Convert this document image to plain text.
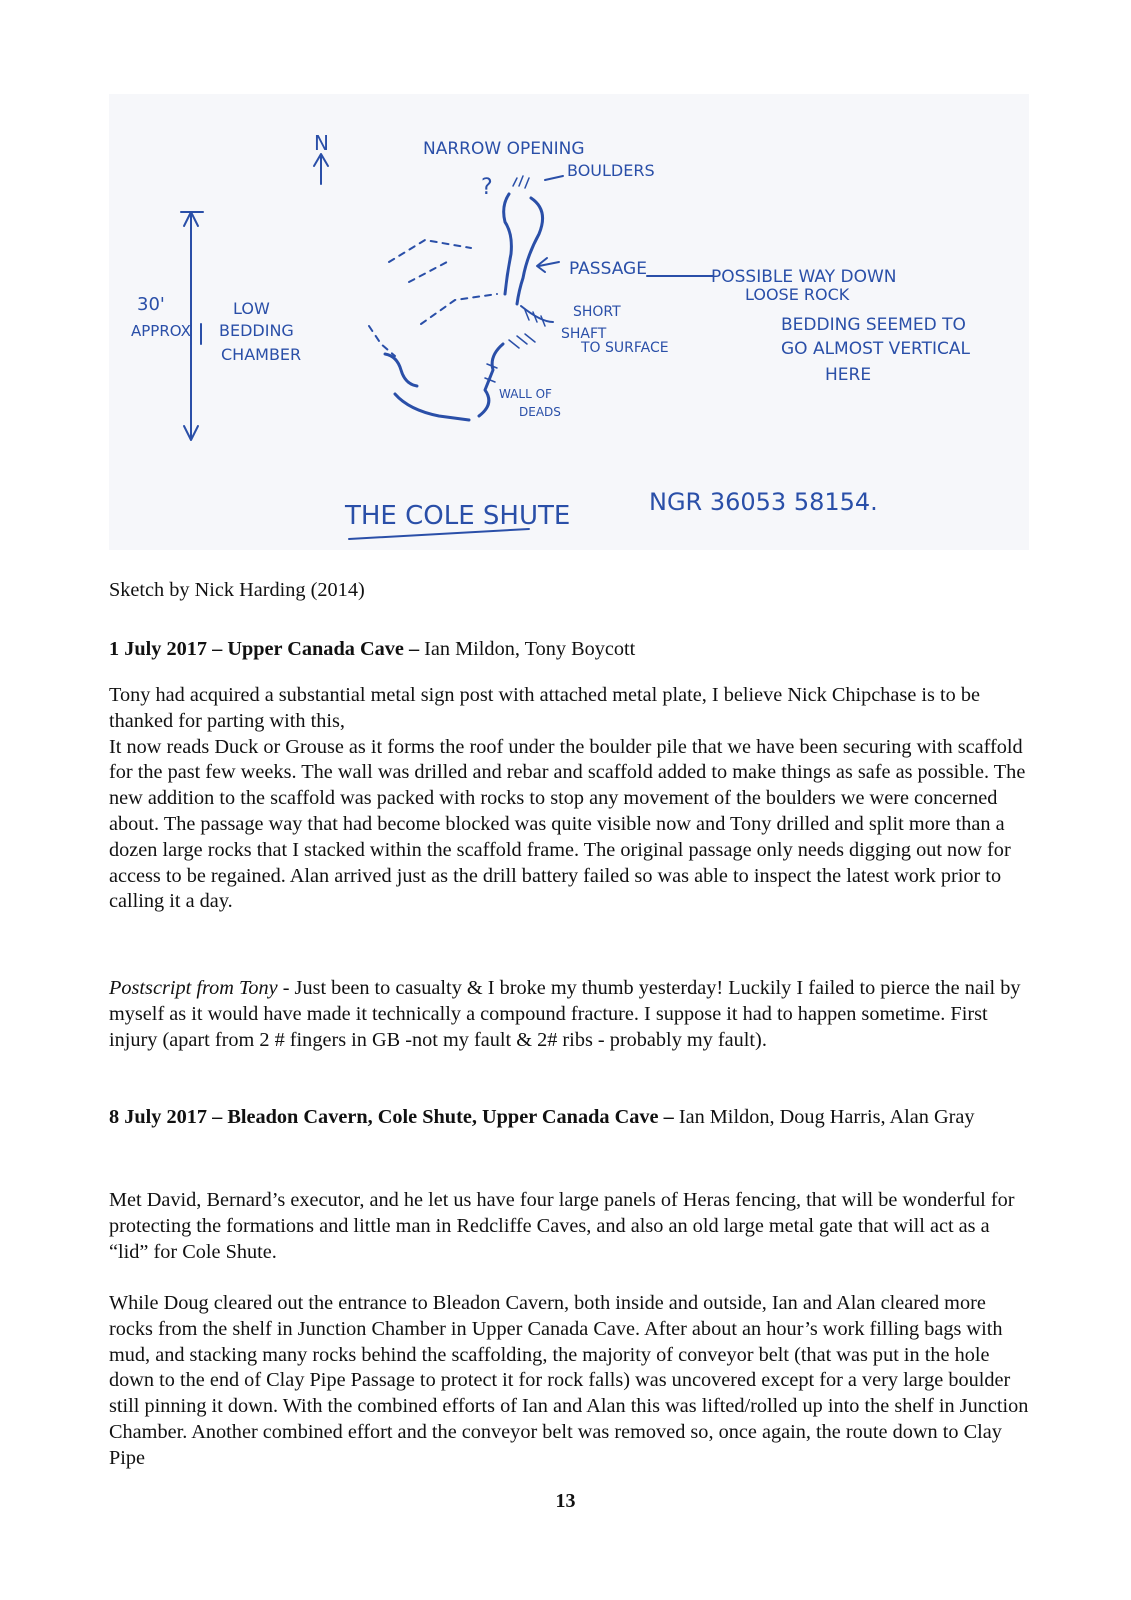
N	NARROW OPENING
?
BOULDERS
PASSAGE	POSSIBLE WAY DOWN
LOOSE ROCK
BEDDING SEEMED TO
GO ALMOST VERTICAL
HERE
SHORT
SHAFT
TO SURFACE
WALL OF
DEADS
30'
APPROX
LOW
BEDDING
CHAMBER
THE COLE SHUTE	NGR 36053 58154.

Sketch by Nick Harding (2014)

1 July 2017 – Upper Canada Cave – Ian Mildon, Tony Boycott

Tony had acquired a substantial metal sign post with attached metal plate, I believe Nick Chipchase is to be thanked for parting with this,

It now reads Duck or Grouse as it forms the roof under the boulder pile that we have been securing with scaffold for the past few weeks. The wall was drilled and rebar and scaffold added to make things as safe as possible. The new addition to the scaffold was packed with rocks to stop any movement of the boulders we were concerned about. The passage way that had become blocked was quite visible now and Tony drilled and split more than a dozen large rocks that I stacked within the scaffold frame. The original passage only needs digging out now for access to be regained. Alan arrived just as the drill battery failed so was able to inspect the latest work prior to calling it a day.

Postscript from Tony - Just been to casualty & I broke my thumb yesterday! Luckily I failed to pierce the nail by myself as it would have made it technically a compound fracture. I suppose it had to happen sometime. First injury (apart from 2 # fingers in GB -not my fault & 2# ribs - probably my fault).

8 July 2017 – Bleadon Cavern, Cole Shute, Upper Canada Cave – Ian Mildon, Doug Harris, Alan Gray

Met David, Bernard’s executor, and he let us have four large panels of Heras fencing, that will be wonderful for protecting the formations and little man in Redcliffe Caves, and also an old large metal gate that will act as a “lid” for Cole Shute.

While Doug cleared out the entrance to Bleadon Cavern, both inside and outside, Ian and Alan cleared more rocks from the shelf in Junction Chamber in Upper Canada Cave. After about an hour’s work filling bags with mud, and stacking many rocks behind the scaffolding, the majority of conveyor belt (that was put in the hole down to the end of Clay Pipe Passage to protect it for rock falls) was uncovered except for a very large boulder still pinning it down. With the combined efforts of Ian and Alan this was lifted/rolled up into the shelf in Junction Chamber. Another combined effort and the conveyor belt was removed so, once again, the route down to Clay Pipe

13
